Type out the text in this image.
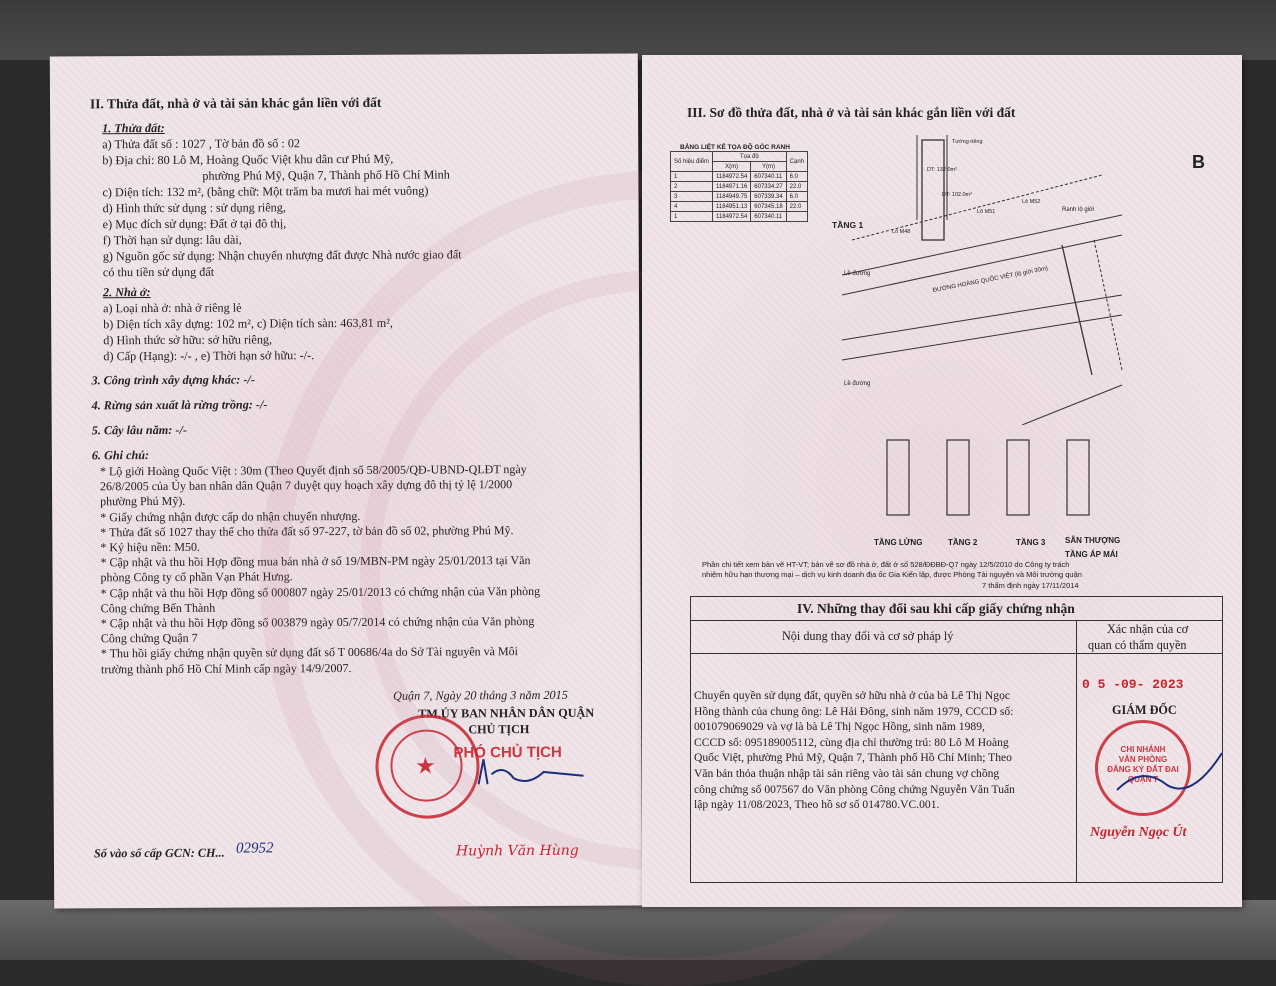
II. Thửa đất, nhà ở và tài sản khác gắn liền với đất
1. Thửa đất:
a) Thửa đất số : 1027 , Tờ bản đồ số : 02
b) Địa chỉ: 80 Lô M, Hoàng Quốc Việt khu dân cư Phú Mỹ,
phường Phú Mỹ, Quận 7, Thành phố Hồ Chí Minh
c) Diện tích: 132 m², (bằng chữ: Một trăm ba mươi hai mét vuông)
d) Hình thức sử dụng : sử dụng riêng,
e) Mục đích sử dụng: Đất ở tại đô thị,
f) Thời hạn sử dụng: lâu dài,
g) Nguồn gốc sử dụng: Nhận chuyển nhượng đất được Nhà nước giao đất
có thu tiền sử dụng đất
2. Nhà ở:
a) Loại nhà ở: nhà ở riêng lẻ
b) Diện tích xây dựng: 102 m², c) Diện tích sàn: 463,81 m²,
d) Hình thức sở hữu: sở hữu riêng,
d) Cấp (Hạng): -/- , e) Thời hạn sở hữu: -/-.
3. Công trình xây dựng khác: -/-
4. Rừng sản xuất là rừng trồng: -/-
5. Cây lâu năm: -/-
6. Ghi chú:
* Lộ giới Hoàng Quốc Việt : 30m (Theo Quyết định số 58/2005/QĐ-UBND-QLĐT ngày
26/8/2005 của Ủy ban nhân dân Quận 7 duyệt quy hoạch xây dựng đô thị tỷ lệ 1/2000
phường Phú Mỹ).
* Giấy chứng nhận được cấp do nhận chuyển nhượng.
* Thửa đất số 1027 thay thế cho thửa đất số 97-227, tờ bản đồ số 02, phường Phú Mỹ.
* Ký hiệu nền: M50.
* Cập nhật và thu hồi Hợp đồng mua bán nhà ở số 19/MBN-PM ngày 25/01/2013 tại Văn
phòng Công ty cổ phần Vạn Phát Hưng.
* Cập nhật và thu hồi Hợp đồng số 000807 ngày 25/01/2013 có chứng nhận của Văn phòng
Công chứng Bến Thành
* Cập nhật và thu hồi Hợp đồng số 003879 ngày 05/7/2014 có chứng nhận của Văn phòng
Công chứng Quận 7
* Thu hồi giấy chứng nhận quyền sử dụng đất số T 00686/4a do Sở Tài nguyên và Môi
trường thành phố Hồ Chí Minh cấp ngày 14/9/2007.
Quận 7, Ngày 20 tháng 3 năm 2015
TM.ỦY BAN NHÂN DÂN QUẬN
CHỦ TỊCH
★
PHÓ CHỦ TỊCH
Huỳnh Văn Hùng
Số vào sổ cấp GCN: CH... 02952
III. Sơ đồ thửa đất, nhà ở và tài sản khác gắn liền với đất
B
BẢNG LIỆT KÊ TỌA ĐỘ GÓC RANH
Số hiệu điểm	Tọa độ		Cạnh
	X(m)	Y(m)	
1	1184972.54	607340.11	6.0
2	1184971.16	607334.27	22.0
3	1184949.75	607339.34	6.0
4	1184951.13	607345.18	22.0
1	1184972.54	607340.11	
TẦNG 1
Lề đường	ĐƯỜNG HOÀNG QUỐC VIỆT (lộ giới 30m)
Ranh lộ giới
Lề đường
Lô M48
Lô M51
Lô M52
DT: 132.0m²
DT: 102.0m²
Tường riêng
TẦNG LỬNG	TẦNG 2	TẦNG 3 SÂN THƯỢNG
TẦNG ÁP MÁI
Phần chi tiết xem bản vẽ HT-VT; bản vẽ sơ đồ nhà ở, đất ở số 528/ĐĐBĐ-Q7 ngày 12/5/2010 do Công ty trách
nhiệm hữu hạn thương mại – dịch vụ kinh doanh địa ốc Gia Kiến lập, được Phòng Tài nguyên và Môi trường quận
7 thẩm định ngày 17/11/2014
IV. Những thay đổi sau khi cấp giấy chứng nhận
Nội dung thay đổi và cơ sở pháp lý	Xác nhận của cơ
quan có thẩm quyền
Chuyển quyền sử dụng đất, quyền sở hữu nhà ở của bà Lê Thị Ngọc
Hồng thành của chung ông: Lê Hải Đông, sinh năm 1979, CCCD số:
001079069029 và vợ là bà Lê Thị Ngọc Hồng, sinh năm 1989,
CCCD số: 095189005112, cùng địa chỉ thường trú: 80 Lô M Hoàng
Quốc Việt, phường Phú Mỹ, Quận 7, Thành phố Hồ Chí Minh; Theo
Văn bản thỏa thuận nhập tài sản riêng vào tài sản chung vợ chồng
công chứng số 007567 do Văn phòng Công chứng Nguyễn Văn Tuấn
lập ngày 11/08/2023, Theo hồ sơ số 014780.VC.001.
0 5 -09- 2023
GIÁM ĐỐC
CHI NHÁNH
VĂN PHÒNG
ĐĂNG KÝ ĐẤT ĐAI
QUẬN 7
Nguyễn Ngọc Út
